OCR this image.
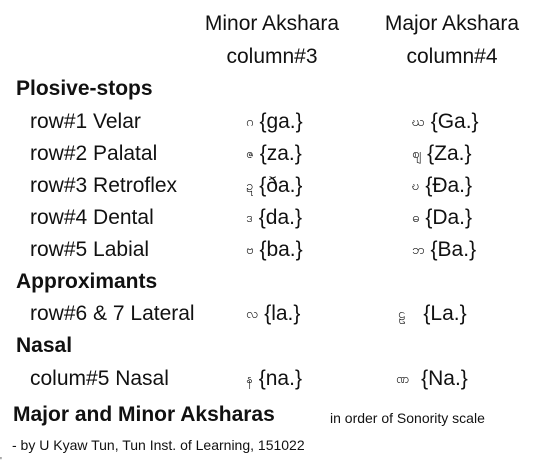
Minor Akshara
column#3
Major Akshara
column#4
Plosive-stops
Approximants
Nasal
row#1 Velar	ဂ {ga.}	ဃ {Ga.}
row#2 Palatal	ဇ {za.}	ဈ {Za.}
row#3 Retroflex	ဍ {ða.}	ဎ {Ða.}
row#4 Dental	ဒ {da.}	ဓ {Da.}
row#5 Labial	ဗ {ba.}	ဘ {Ba.}
row#6 & 7 Lateral	လ {la.}	ဠ {La.}
colum#5 Nasal	န {na.}	ဏ {Na.}
Major and Minor Aksharas	in order of Sonority scale
- by U Kyaw Tun, Tun Inst. of Learning, 151022
'
